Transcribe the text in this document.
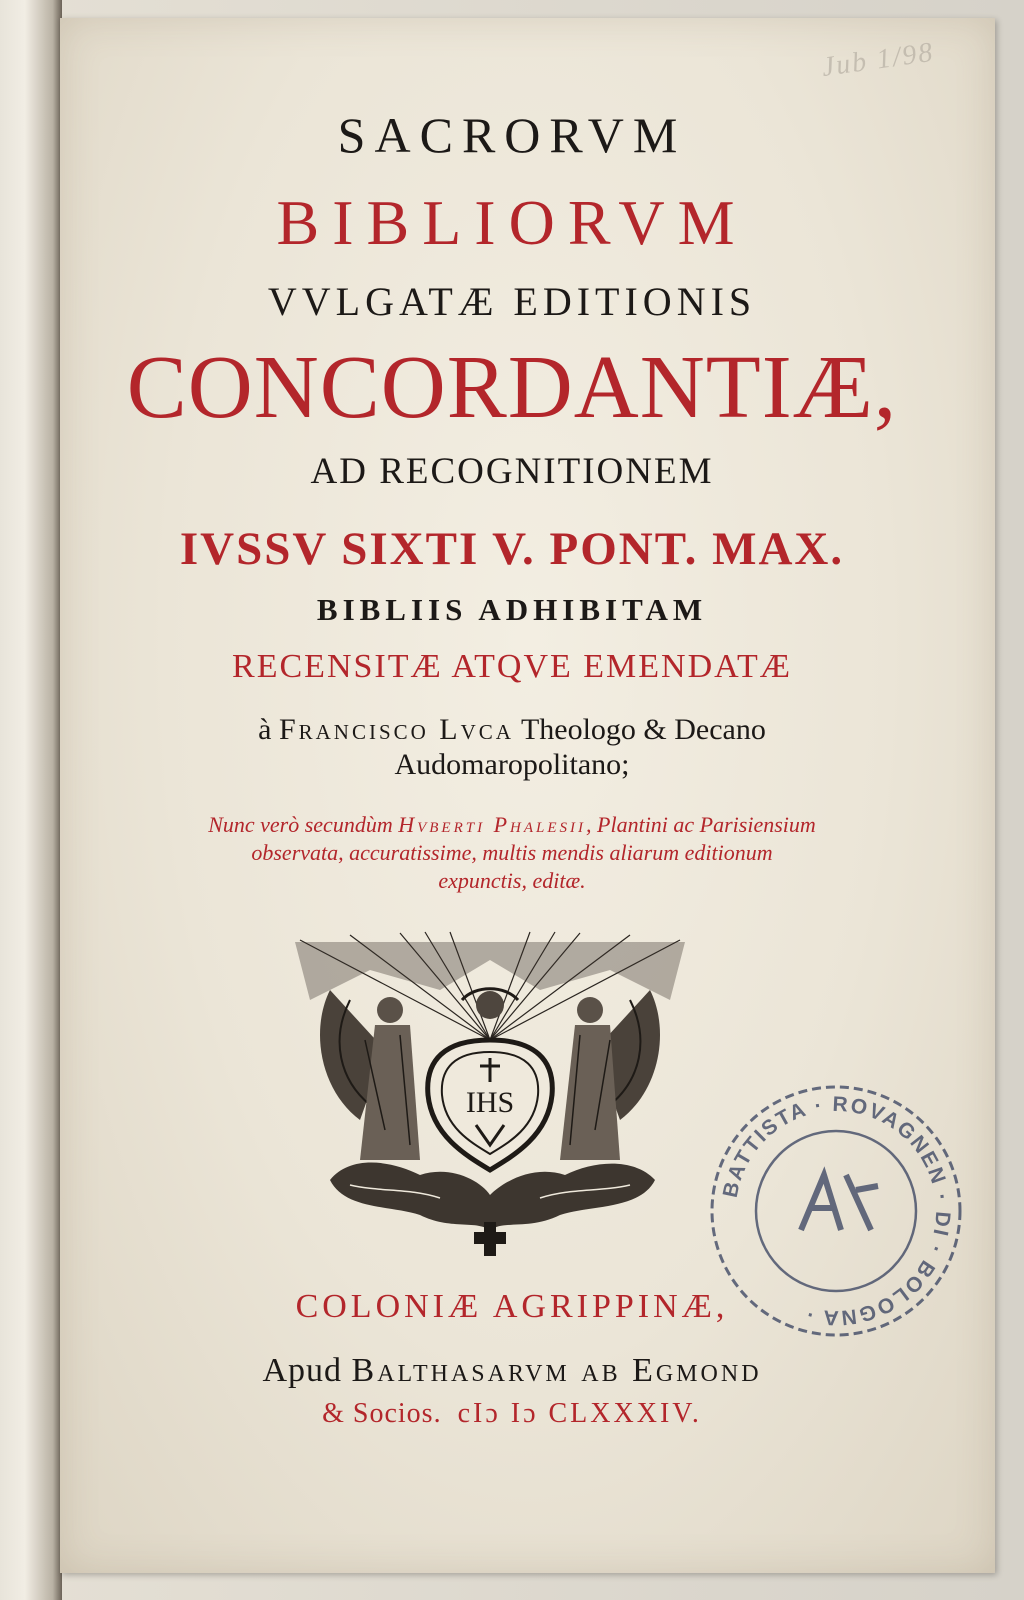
Jub 1/98
SACRORVM
BIBLIORVM
VVLGATÆ EDITIONIS
CONCORDANTIÆ,
AD RECOGNITIONEM
IVSSV SIXTI V. PONT. MAX.
BIBLIIS ADHIBITAM
RECENSITÆ ATQVE EMENDATÆ
à Francisco Lvca Theologo & Decano
Audomaropolitano;
Nunc verò secundùm Hvberti Phalesii, Plantini ac Parisiensium
observata, accuratissime, multis mendis aliarum editionum
expunctis, editæ.
IHS
BATTISTA · ROVAGNEN · DI · BOLOGNA ·
COLONIÆ AGRIPPINÆ,
Apud Balthasarvm ab Egmond
& Socios. cIɔ Iɔ CLXXXIV.
